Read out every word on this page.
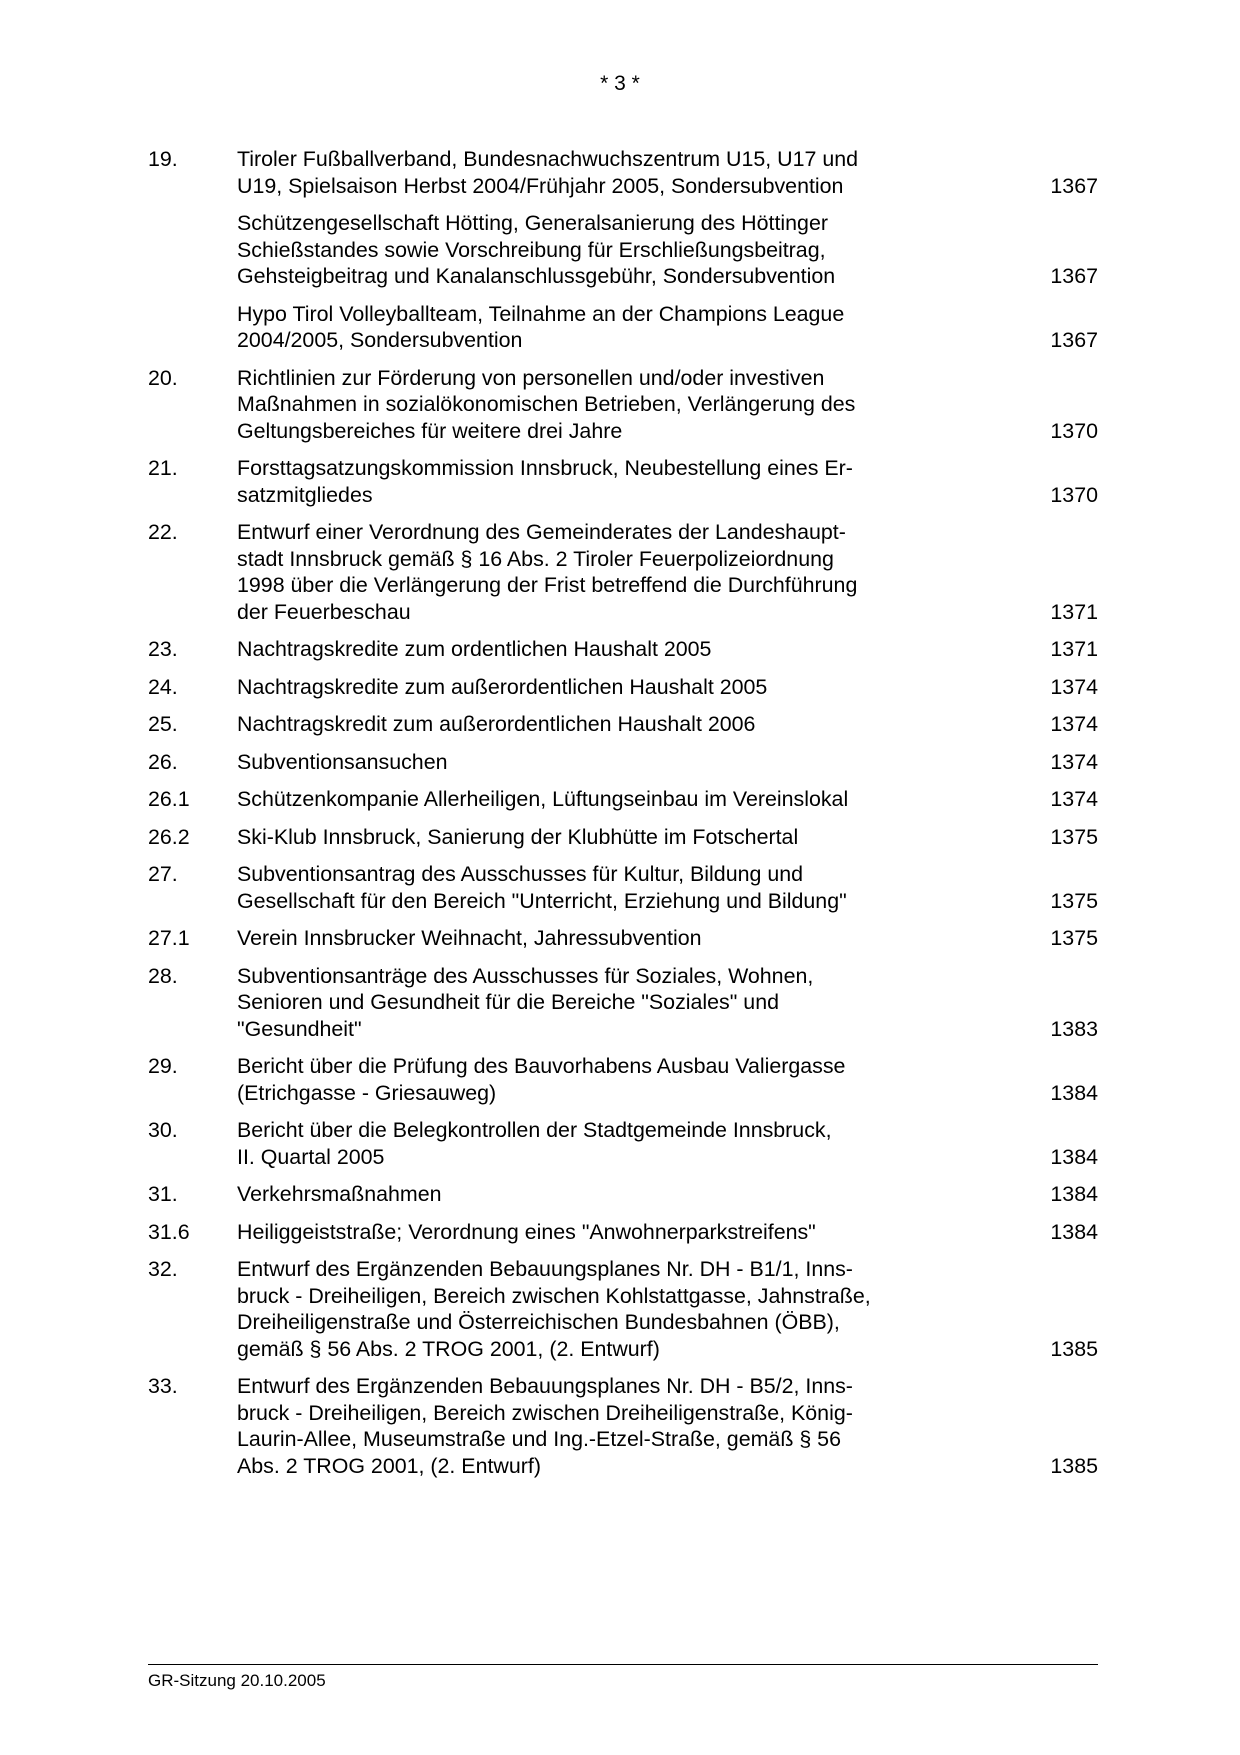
* 3 *
19.	Tiroler Fußballverband, Bundesnachwuchszentrum U15, U17 und
U19, Spielsaison Herbst 2004/Frühjahr 2005, Sondersubvention	1367
Schützengesellschaft Hötting, Generalsanierung des Höttinger
Schießstandes sowie Vorschreibung für Erschließungsbeitrag,
Gehsteigbeitrag und Kanalanschlussgebühr, Sondersubvention	1367
Hypo Tirol Volleyballteam, Teilnahme an der Champions League
2004/2005, Sondersubvention	1367
20.	Richtlinien zur Förderung von personellen und/oder investiven
Maßnahmen in sozialökonomischen Betrieben, Verlängerung des
Geltungsbereiches für weitere drei Jahre	1370
21.	Forsttagsatzungskommission Innsbruck, Neubestellung eines Er-
satzmitgliedes	1370
22.	Entwurf einer Verordnung des Gemeinderates der Landeshaupt-
stadt Innsbruck gemäß § 16 Abs. 2 Tiroler Feuerpolizeiordnung
1998 über die Verlängerung der Frist betreffend die Durchführung
der Feuerbeschau	1371
23.	Nachtragskredite zum ordentlichen Haushalt 2005	1371
24.	Nachtragskredite zum außerordentlichen Haushalt 2005	1374
25.	Nachtragskredit zum außerordentlichen Haushalt 2006	1374
26.	Subventionsansuchen	1374
26.1	Schützenkompanie Allerheiligen, Lüftungseinbau im Vereinslokal	1374
26.2	Ski-Klub Innsbruck, Sanierung der Klubhütte im Fotschertal	1375
27.	Subventionsantrag des Ausschusses für Kultur, Bildung und
Gesellschaft für den Bereich "Unterricht, Erziehung und Bildung"	1375
27.1	Verein Innsbrucker Weihnacht, Jahressubvention	1375
28.	Subventionsanträge des Ausschusses für Soziales, Wohnen,
Senioren und Gesundheit für die Bereiche "Soziales" und
"Gesundheit"	1383
29.	Bericht über die Prüfung des Bauvorhabens Ausbau Valiergasse
(Etrichgasse - Griesauweg)	1384
30.	Bericht über die Belegkontrollen der Stadtgemeinde Innsbruck,
II. Quartal 2005	1384
31.	Verkehrsmaßnahmen	1384
31.6	Heiliggeiststraße; Verordnung eines "Anwohnerparkstreifens"	1384
32.	Entwurf des Ergänzenden Bebauungsplanes Nr. DH - B1/1, Inns-
bruck - Dreiheiligen, Bereich zwischen Kohlstattgasse, Jahnstraße,
Dreiheiligenstraße und Österreichischen Bundesbahnen (ÖBB),
gemäß § 56 Abs. 2 TROG 2001, (2. Entwurf)	1385
33.	Entwurf des Ergänzenden Bebauungsplanes Nr. DH - B5/2, Inns-
bruck - Dreiheiligen, Bereich zwischen Dreiheiligenstraße, König-
Laurin-Allee, Museumstraße und Ing.-Etzel-Straße, gemäß § 56
Abs. 2 TROG 2001, (2. Entwurf)	1385
GR-Sitzung 20.10.2005
